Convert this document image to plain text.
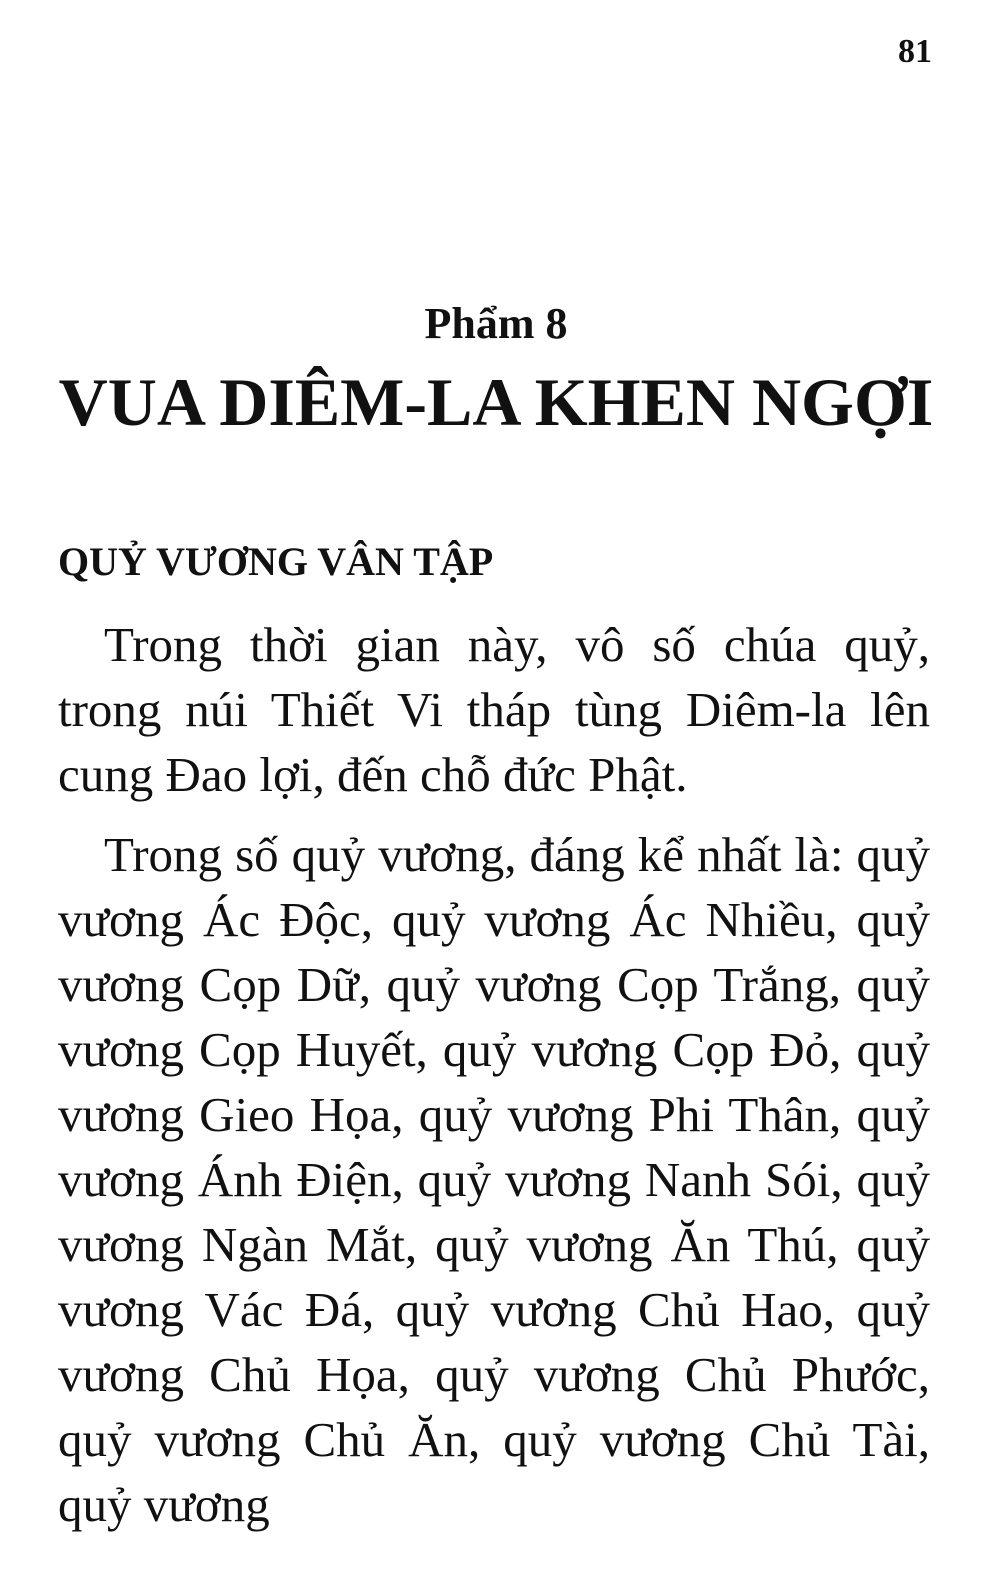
81
Phẩm 8
VUA DIÊM-LA KHEN NGỢI
QUỶ VƯƠNG VÂN TẬP

Trong thời gian này, vô số chúa quỷ, trong núi Thiết Vi tháp tùng Diêm-la lên cung Đao lợi, đến chỗ đức Phật.

Trong số quỷ vương, đáng kể nhất là: quỷ vương Ác Độc, quỷ vương Ác Nhiều, quỷ vương Cọp Dữ, quỷ vương Cọp Trắng, quỷ vương Cọp Huyết, quỷ vương Cọp Đỏ, quỷ vương Gieo Họa, quỷ vương Phi Thân, quỷ vương Ánh Điện, quỷ vương Nanh Sói, quỷ vương Ngàn Mắt, quỷ vương Ăn Thú, quỷ vương Vác Đá, quỷ vương Chủ Hao, quỷ vương Chủ Họa, quỷ vương Chủ Phước, quỷ vương Chủ Ăn, quỷ vương Chủ Tài, quỷ vương
